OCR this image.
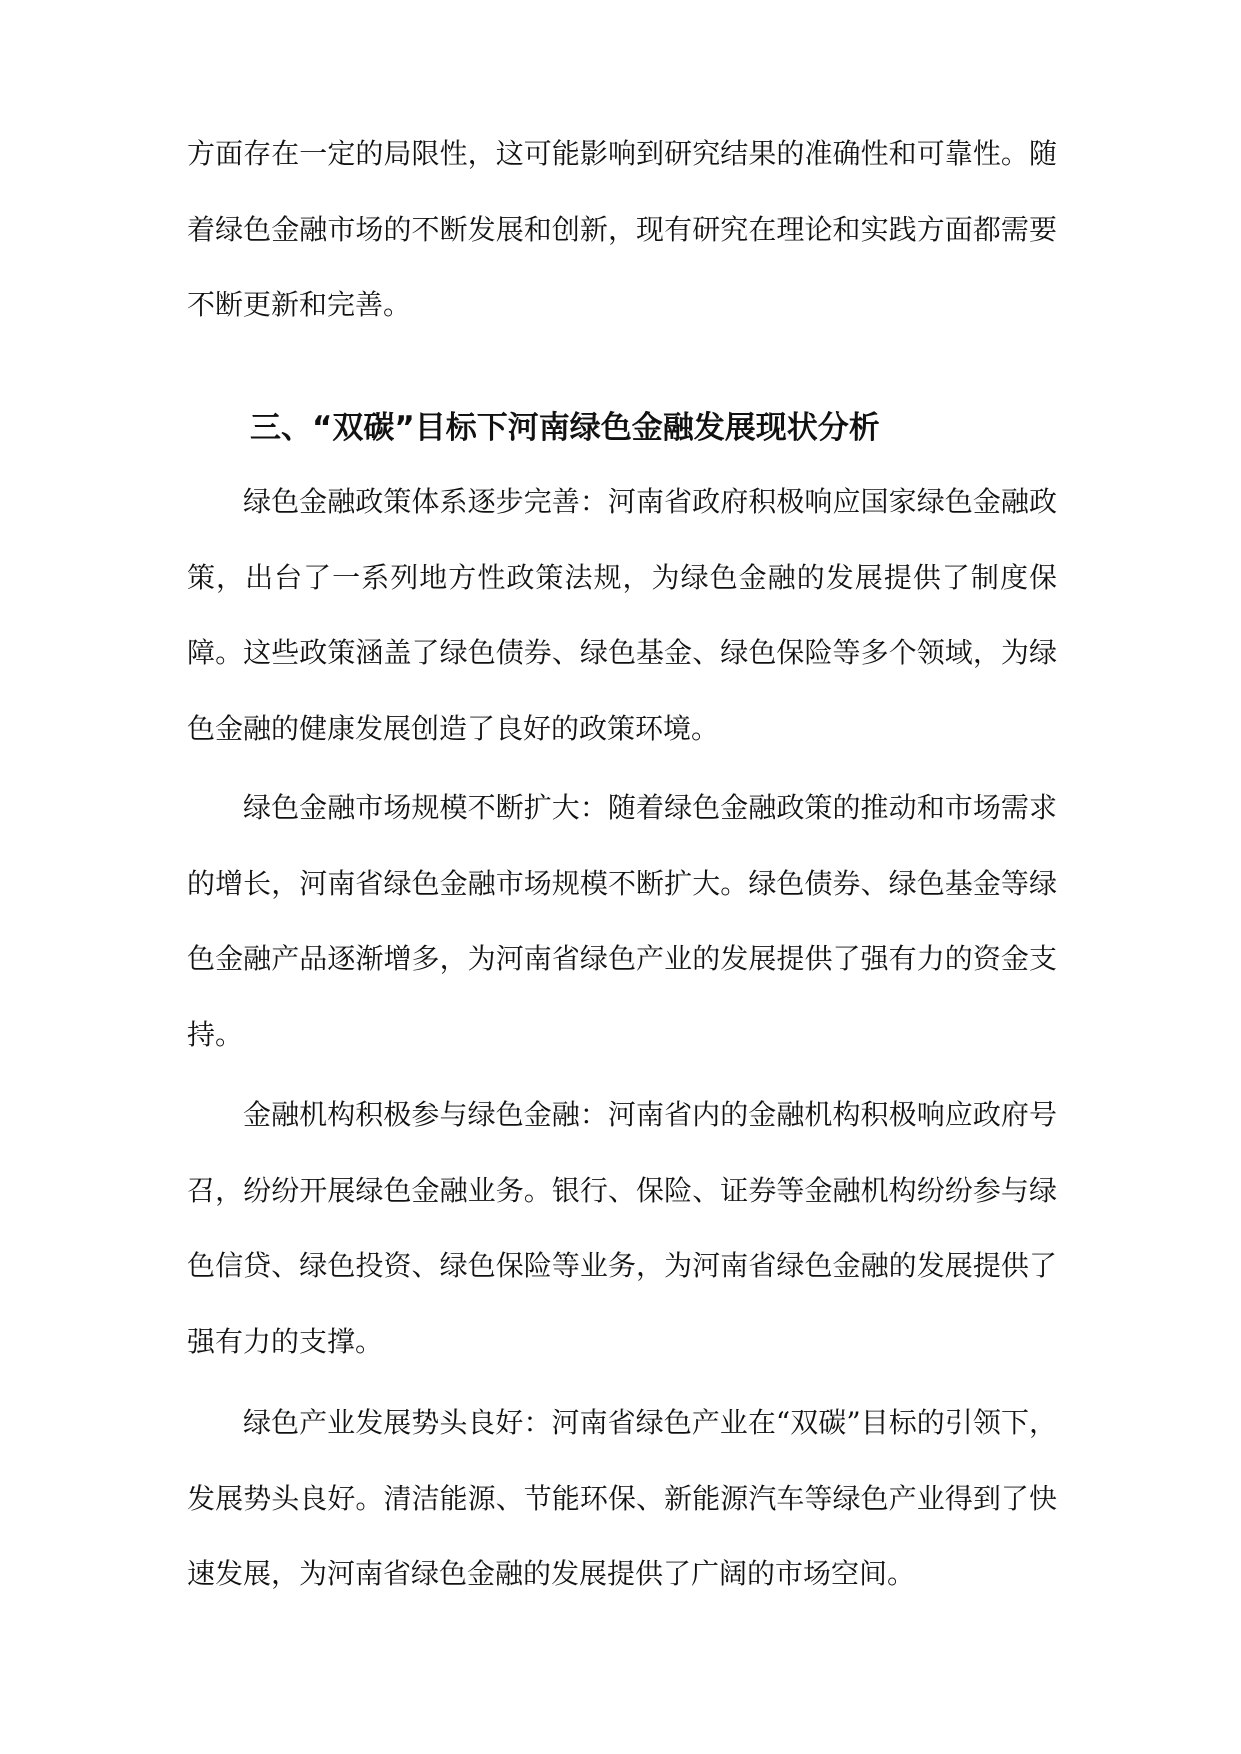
方面存在一定的局限性，这可能影响到研究结果的准确性和可靠性。随着绿色金融市场的不断发展和创新，现有研究在理论和实践方面都需要不断更新和完善。

三、“双碳”目标下河南绿色金融发展现状分析

绿色金融政策体系逐步完善：河南省政府积极响应国家绿色金融政策，出台了一系列地方性政策法规，为绿色金融的发展提供了制度保障。这些政策涵盖了绿色债券、绿色基金、绿色保险等多个领域，为绿色金融的健康发展创造了良好的政策环境。

绿色金融市场规模不断扩大：随着绿色金融政策的推动和市场需求的增长，河南省绿色金融市场规模不断扩大。绿色债券、绿色基金等绿色金融产品逐渐增多，为河南省绿色产业的发展提供了强有力的资金支持。

金融机构积极参与绿色金融：河南省内的金融机构积极响应政府号召，纷纷开展绿色金融业务。银行、保险、证券等金融机构纷纷参与绿色信贷、绿色投资、绿色保险等业务，为河南省绿色金融的发展提供了强有力的支撑。

绿色产业发展势头良好：河南省绿色产业在“双碳”目标的引领下，发展势头良好。清洁能源、节能环保、新能源汽车等绿色产业得到了快速发展，为河南省绿色金融的发展提供了广阔的市场空间。
